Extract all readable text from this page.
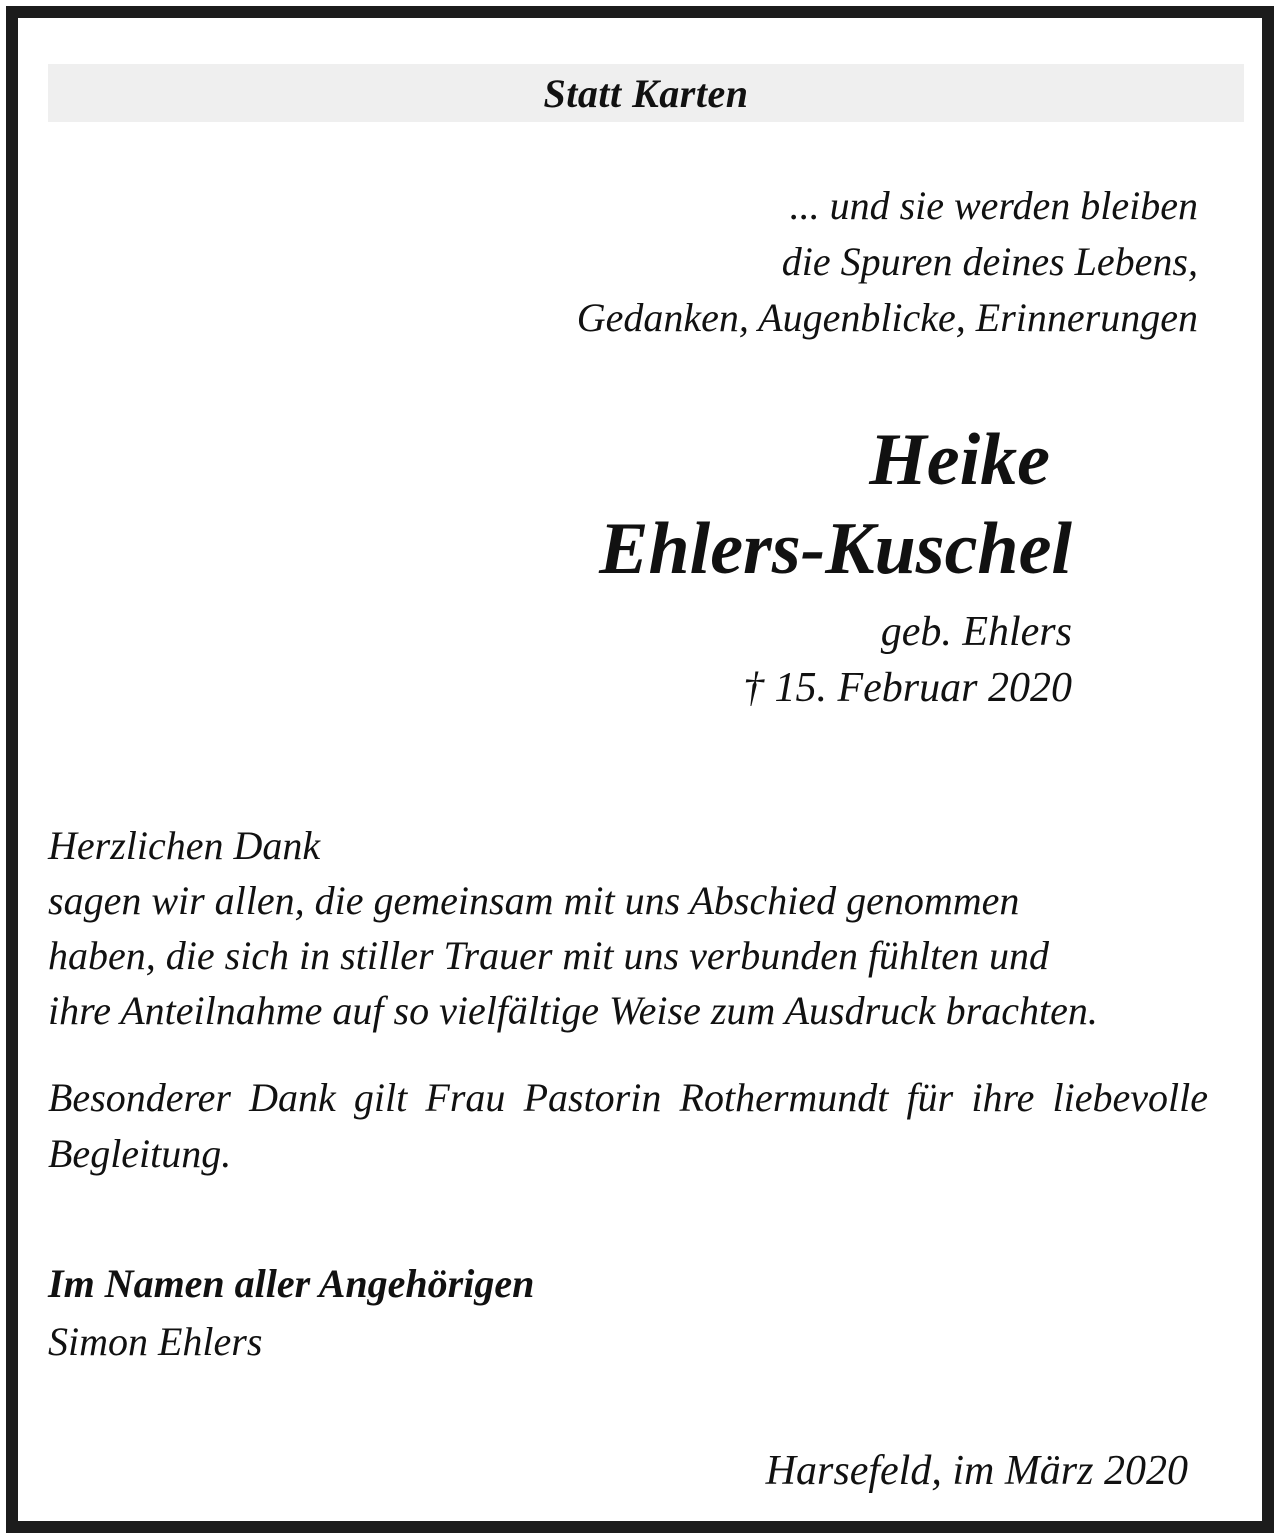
Statt Karten
... und sie werden bleiben
die Spuren deines Lebens,
Gedanken, Augenblicke, Erinnerungen
Heike
Ehlers-Kuschel
geb. Ehlers
† 15. Februar 2020
Herzlichen Dank
sagen wir allen, die gemeinsam mit uns Abschied genommen
haben, die sich in stiller Trauer mit uns verbunden fühlten und
ihre Anteilnahme auf so vielfältige Weise zum Ausdruck brachten.
Besonderer Dank gilt Frau Pastorin Rothermundt für ihre liebevolle Begleitung.
Im Namen aller Angehörigen
Simon Ehlers
Harsefeld, im März 2020
